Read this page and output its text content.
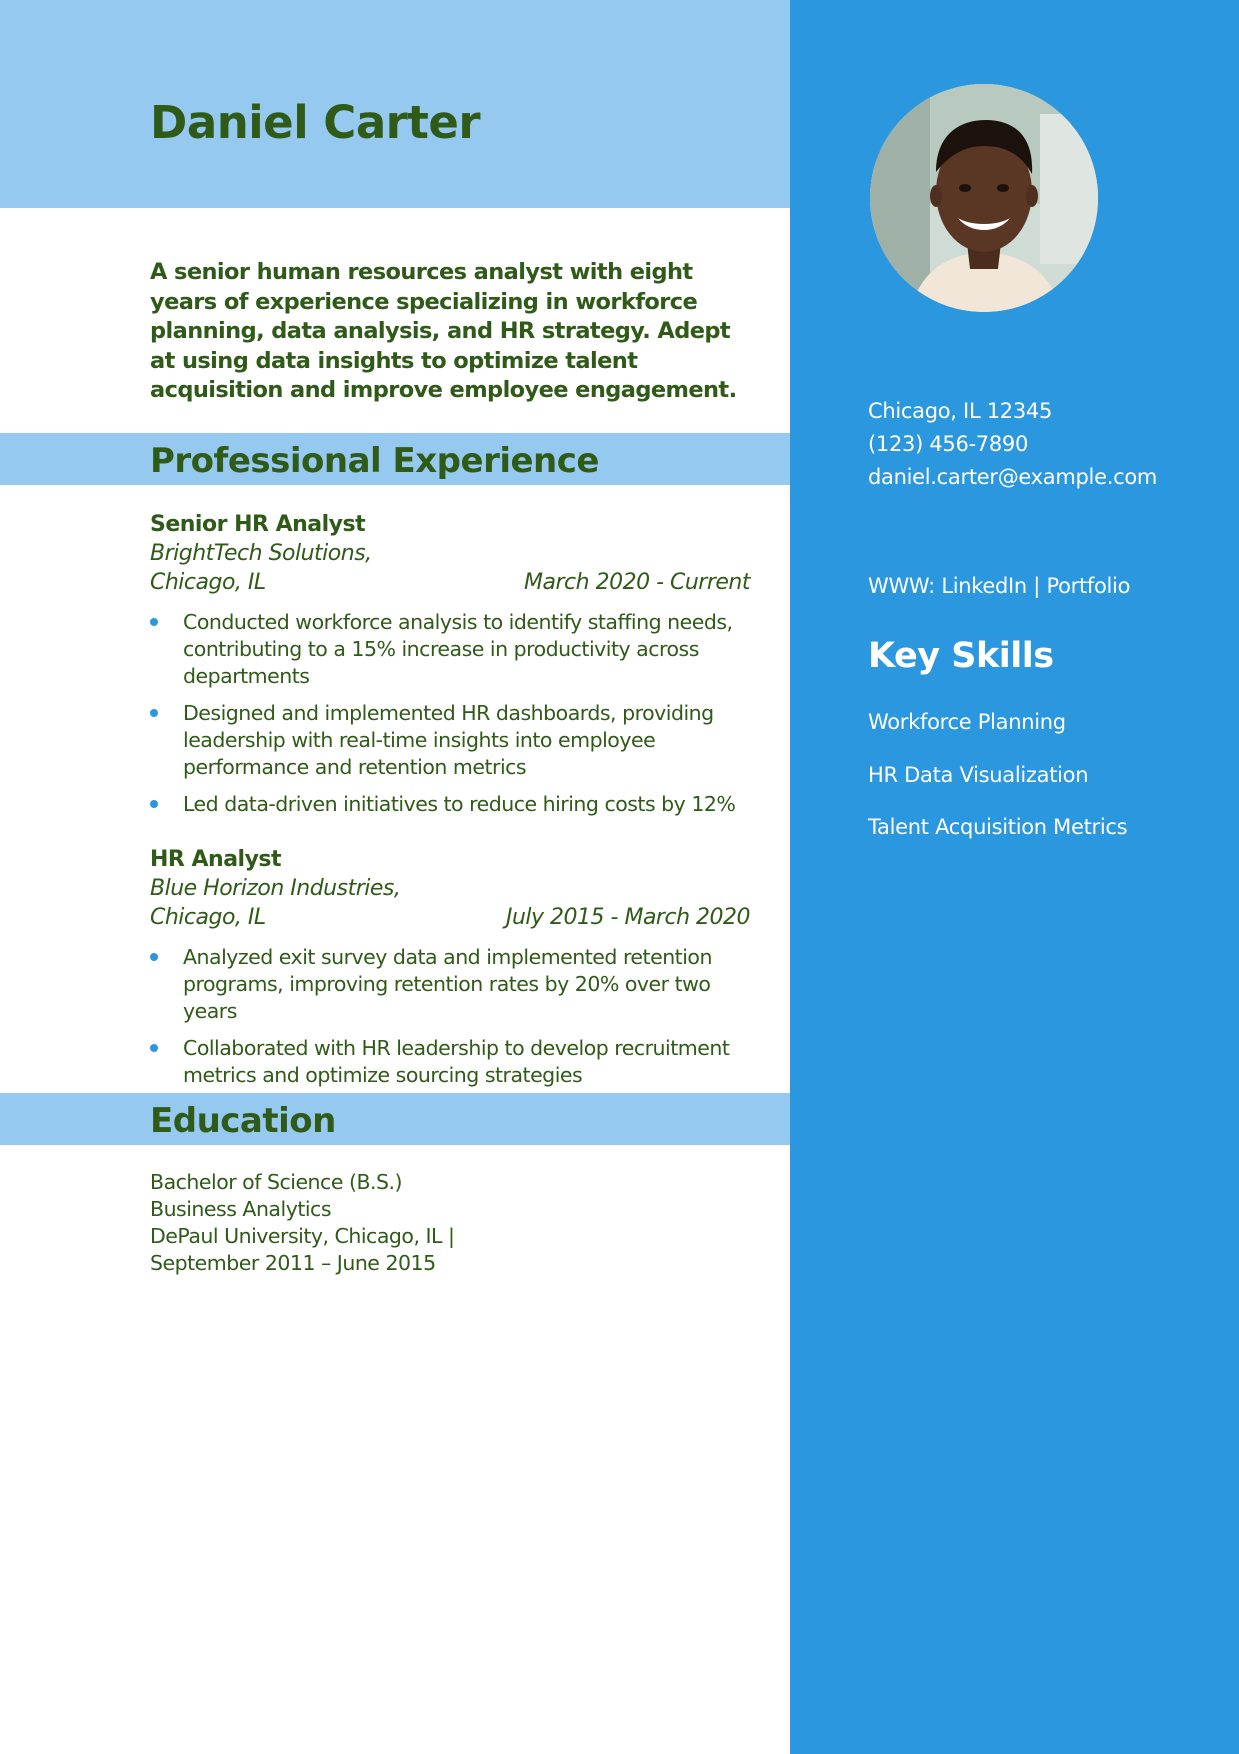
Daniel Carter

A senior human resources analyst with eight years of experience specializing in workforce planning, data analysis, and HR strategy. Adept at using data insights to optimize talent acquisition and improve employee engagement.

Professional Experience
Senior HR Analyst
BrightTech Solutions,
Chicago, IL	March 2020 - Current
Conducted workforce analysis to identify staffing needs, contributing to a 15% increase in productivity across departments
Designed and implemented HR dashboards, providing leadership with real-time insights into employee performance and retention metrics
Led data-driven initiatives to reduce hiring costs by 12%
HR Analyst
Blue Horizon Industries,
Chicago, IL	July 2015 - March 2020
Analyzed exit survey data and implemented retention programs, improving retention rates by 20% over two years
Collaborated with HR leadership to develop recruitment metrics and optimize sourcing strategies
Education
Bachelor of Science (B.S.)
Business Analytics
DePaul University, Chicago, IL |
September 2011 – June 2015
Chicago, IL 12345
(123) 456-7890
daniel.carter@example.com
WWW: LinkedIn | Portfolio
Key Skills
Workforce Planning
HR Data Visualization
Talent Acquisition Metrics
